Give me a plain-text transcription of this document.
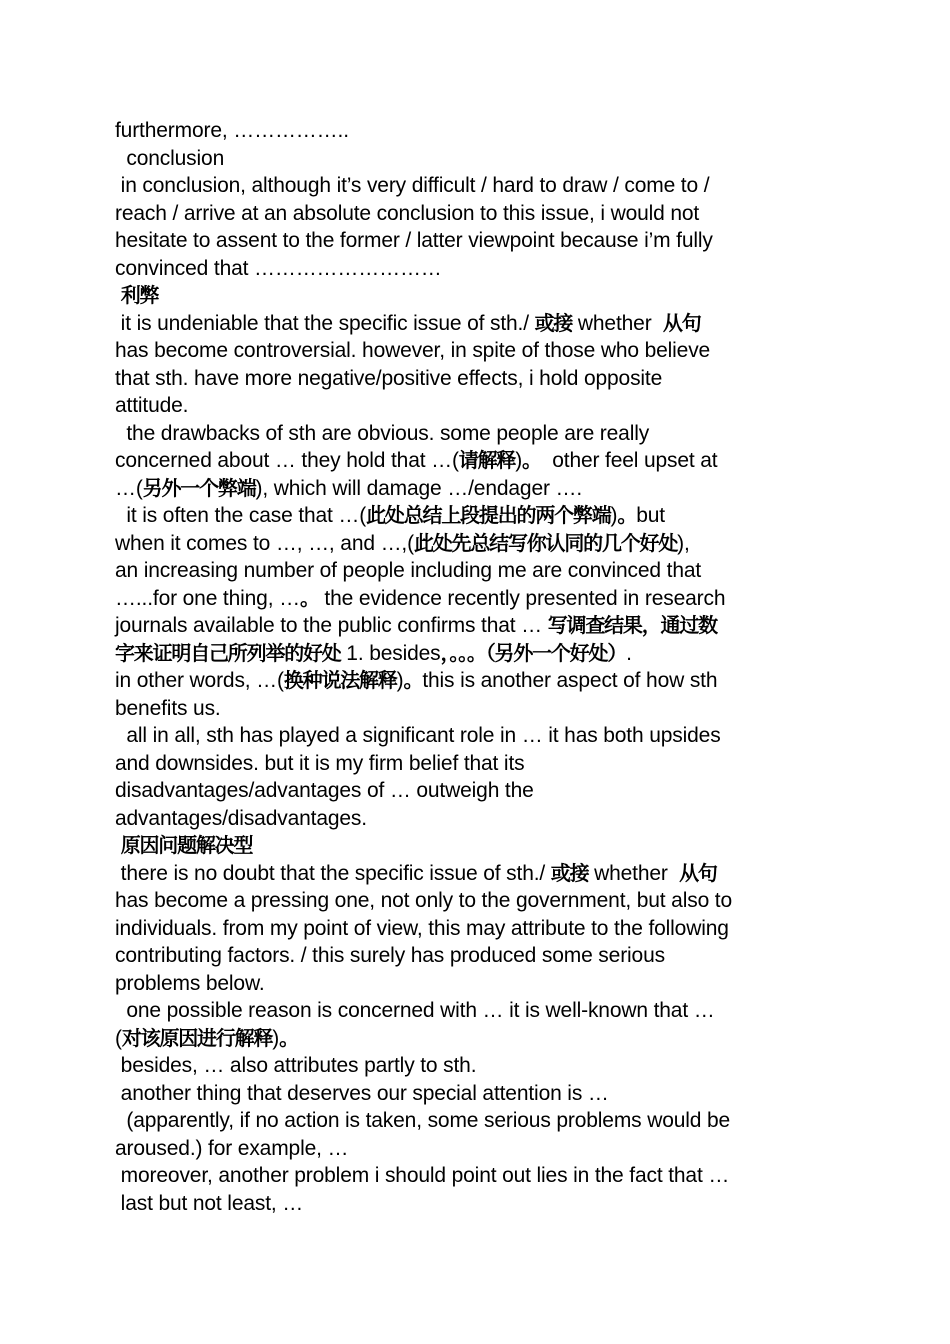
furthermore, ……………..
conclusion
in conclusion, although it’s very difficult / hard to draw / come to /
reach / arrive at an absolute conclusion to this issue, i would not
hesitate to assent to the former / latter viewpoint because i’m fully
convinced that ………………………
利弊
it is undeniable that the specific issue of sth./ 或接 whether  从句
has become controversial. however, in spite of those who believe
that sth. have more negative/positive effects, i hold opposite
attitude.
the drawbacks of sth are obvious. some people are really
concerned about … they hold that …(请解释)。  other feel upset at
…(另外一个弊端), which will damage …/endager ….
it is often the case that …(此处总结上段提出的两个弊端)。but
when it comes to …, …, and …,(此处先总结写你认同的几个好处),
an increasing number of people including me are convinced that
…...for one thing, …。 the evidence recently presented in research
journals available to the public confirms that … 写调查结果，通过数
字来证明自己所列举的好处 1. besides，。。。（另外一个好处）.
in other words, …(换种说法解释)。this is another aspect of how sth
benefits us.
all in all, sth has played a significant role in … it has both upsides
and downsides. but it is my firm belief that its
disadvantages/advantages of … outweigh the
advantages/disadvantages.
原因问题解决型
there is no doubt that the specific issue of sth./ 或接 whether  从句
has become a pressing one, not only to the government, but also to
individuals. from my point of view, this may attribute to the following
contributing factors. / this surely has produced some serious
problems below.
one possible reason is concerned with … it is well-known that …
(对该原因进行解释)。
besides, … also attributes partly to sth.
another thing that deserves our special attention is …
(apparently, if no action is taken, some serious problems would be
aroused.) for example, …
moreover, another problem i should point out lies in the fact that …
last but not least, …
